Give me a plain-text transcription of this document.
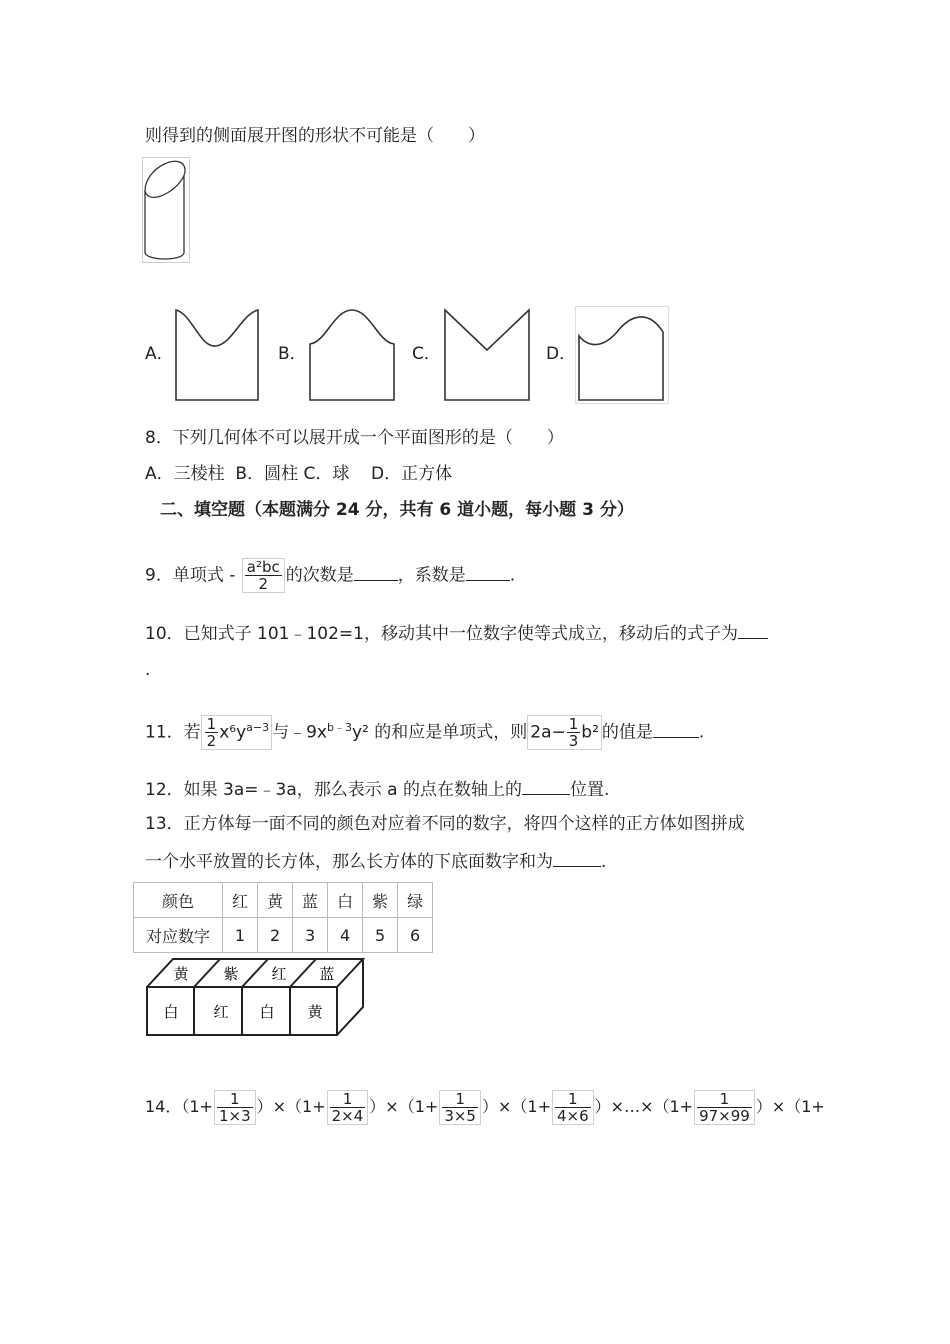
则得到的侧面展开图的形状不可能是（　　）
A．	B．	C．	D．
8．下列几何体不可以展开成一个平面图形的是（　　）
A．三棱柱  B．圆柱 C．球    D．正方体
二、填空题（本题满分 24 分，共有 6 道小题，每小题 3 分）
9．单项式 - $\frac{\text{a²bc}}{2}$ 的次数是	，系数是	.
10．已知式子 101﹣102=1，移动其中一位数字使等式成立，移动后的式子为
.
11．若 $\frac{1}{2} x^6y^{a-3}$ 与$﹣9x^{b﹣3}y^2$ 的和应是单项式，则 $2a- \frac{1}{3} b^2$ 的值是	.
12．如果 3a=﹣3a，那么表示 a 的点在数轴上的	位置.
13．正方体每一面不同的颜色对应着不同的数字，将四个这样的正方体如图拼成
一个水平放置的长方体，那么长方体的下底面数字和为	.
颜色	红	黄	蓝	白	紫	绿
对应数字	1	2	3	4	5	6
黄 紫 红 蓝
白 红 白 黄
14．$(1+ \frac{1}{1\times 3} )\times(1+ \frac{1}{2\times 4} )\times(1+ \frac{1}{3\times 5} )\times(1+ \frac{1}{4\times 6}$ ）×…×（1+ $\frac{1}{97\times 99} )\times(1+$
